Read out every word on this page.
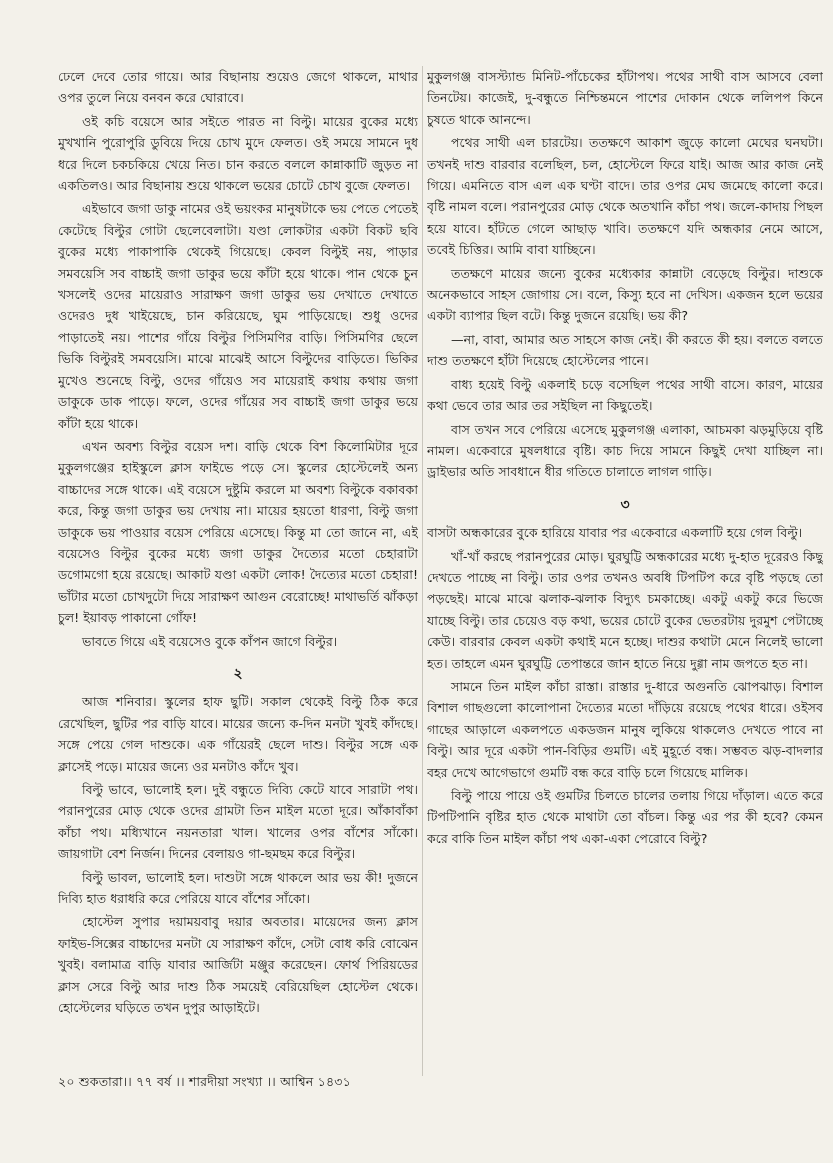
ঢেলে দেবে তোর গায়ে। আর বিছানায় শুয়েও জেগে থাকলে, মাথার ওপর তুলে নিয়ে বনবন করে ঘোরাবে।

ওই কচি বয়েসে আর সইতে পারত না বিল্টু। মায়ের বুকের মধ্যে মুখখানি পুরোপুরি ডুবিয়ে দিয়ে চোখ মুদে ফেলত। ওই সময়ে সামনে দুধ ধরে দিলে চকচকিয়ে খেয়ে নিত। চান করতে বললে কান্নাকাটি জুড়ত না একতিলও। আর বিছানায় শুয়ে থাকলে ভয়ের চোটে চোখ বুজে ফেলত।

এইভাবে জগা ডাকু নামের ওই ভয়ংকর মানুষটাকে ভয় পেতে পেতেই কেটেছে বিল্টুর গোটা ছেলেবেলাটা। যণ্ডা লোকটার একটা বিকট ছবি বুকের মধ্যে পাকাপাকি থেকেই গিয়েছে। কেবল বিল্টুই নয়, পাড়ার সমবয়েসি সব বাচ্চাই জগা ডাকুর ভয়ে কাঁটা হয়ে থাকে। পান থেকে চুন খসলেই ওদের মায়েরাও সারাক্ষণ জগা ডাকুর ভয় দেখাতে দেখাতে ওদেরও দুধ খাইয়েছে, চান করিয়েছে, ঘুম পাড়িয়েছে। শুধু ওদের পাড়াতেই নয়। পাশের গাঁয়ে বিল্টুর পিসিমণির বাড়ি। পিসিমণির ছেলে ভিকি বিল্টুরই সমবয়েসি। মাঝে মাঝেই আসে বিল্টুদের বাড়িতে। ভিকির মুখেও শুনেছে বিল্টু, ওদের গাঁয়েও সব মায়েরাই কথায় কথায় জগা ডাকুকে ডাক পাড়ে। ফলে, ওদের গাঁয়ের সব বাচ্চাই জগা ডাকুর ভয়ে কাঁটা হয়ে থাকে।

এখন অবশ্য বিল্টুর বয়েস দশ। বাড়ি থেকে বিশ কিলোমিটার দূরে মুকুলগঞ্জের হাইস্কুলে ক্লাস ফাইভে পড়ে সে। স্কুলের হোস্টেলেই অন্য বাচ্চাদের সঙ্গে থাকে। এই বয়েসে দুষ্টুমি করলে মা অবশ্য বিল্টুকে বকাবকা করে, কিন্তু জগা ডাকুর ভয় দেখায় না। মায়ের হয়তো ধারণা, বিল্টু জগা ডাকুকে ভয় পাওয়ার বয়েস পেরিয়ে এসেছে। কিন্তু মা তো জানে না, এই বয়েসেও বিল্টুর বুকের মধ্যে জগা ডাকুর দৈত্যের মতো চেহারাটা ডগোমগো হয়ে রয়েছে। আকাট যণ্ডা একটা লোক! দৈত্যের মতো চেহারা! ভাঁটার মতো চোখদুটো দিয়ে সারাক্ষণ আগুন বেরোচ্ছে! মাথাভর্তি ঝাঁকড়া চুল! ইয়াবড় পাকানো গোঁফ!

ভাবতে গিয়ে এই বয়েসেও বুকে কাঁপন জাগে বিল্টুর।

২

আজ শনিবার। স্কুলের হাফ ছুটি। সকাল থেকেই বিল্টু ঠিক করে রেখেছিল, ছুটির পর বাড়ি যাবে। মায়ের জন্যে ক-দিন মনটা খুবই কাঁদছে। সঙ্গে পেয়ে গেল দাশুকে। এক গাঁয়েরই ছেলে দাশু। বিল্টুর সঙ্গে এক ক্লাসেই পড়ে। মায়ের জন্যে ওর মনটাও কাঁদে খুব।

বিল্টু ভাবে, ভালোই হল। দুই বন্ধুতে দিব্যি কেটে যাবে সারাটা পথ। পরানপুরের মোড় থেকে ওদের গ্রামটা তিন মাইল মতো দূরে। আঁকাবাঁকা কাঁচা পথ। মধ্যিখানে নয়নতারা খাল। খালের ওপর বাঁশের সাঁকো। জায়গাটা বেশ নির্জন। দিনের বেলায়ও গা-ছমছম করে বিল্টুর।

বিল্টু ভাবল, ভালোই হল। দাশুটা সঙ্গে থাকলে আর ভয় কী! দুজনে দিব্যি হাত ধরাধরি করে পেরিয়ে যাবে বাঁশের সাঁকো।

হোস্টেল সুপার দয়াময়বাবু দয়ার অবতার। মায়েদের জন্য ক্লাস ফাইভ-সিক্সের বাচ্চাদের মনটা যে সারাক্ষণ কাঁদে, সেটা বোধ করি বোঝেন খুবই। বলামাত্র বাড়ি যাবার আর্জিটা মঞ্জুর করেছেন। ফোর্থ পিরিয়ডের ক্লাস সেরে বিল্টু আর দাশু ঠিক সময়েই বেরিয়েছিল হোস্টেল থেকে। হোস্টেলের ঘড়িতে তখন দুপুর আড়াইটে।

মুকুলগঞ্জ বাসস্ট্যান্ড মিনিট-পাঁচেকের হাঁটাপথ। পথের সাথী বাস আসবে বেলা তিনটেয়। কাজেই, দু-বন্ধুতে নিশ্চিন্তমনে পাশের দোকান থেকে ললিপপ কিনে চুষতে থাকে আনন্দে।

পথের সাথী এল চারটেয়। ততক্ষণে আকাশ জুড়ে কালো মেঘের ঘনঘটা। তখনই দাশু বারবার বলেছিল, চল, হোস্টেলে ফিরে যাই। আজ আর কাজ নেই গিয়ে। এমনিতে বাস এল এক ঘণ্টা বাদে। তার ওপর মেঘ জমেছে কালো করে। বৃষ্টি নামল বলে। পরানপুরের মোড় থেকে অতখানি কাঁচা পথ। জলে-কাদায় পিছল হয়ে যাবে। হাঁটতে গেলে আছাড় খাবি। ততক্ষণে যদি অন্ধকার নেমে আসে, তবেই চিত্তির। আমি বাবা যাচ্ছিনে।

ততক্ষণে মায়ের জন্যে বুকের মধ্যেকার কান্নাটা বেড়েছে বিল্টুর। দাশুকে অনেকভাবে সাহস জোগায় সে। বলে, কিস্যু হবে না দেখিস। একজন হলে ভয়ের একটা ব্যাপার ছিল বটে। কিন্তু দুজনে রয়েছি। ভয় কী?

—না, বাবা, আমার অত সাহসে কাজ নেই। কী করতে কী হয়। বলতে বলতে দাশু ততক্ষণে হাঁটা দিয়েছে হোস্টেলের পানে।

বাধ্য হয়েই বিল্টু একলাই চড়ে বসেছিল পথের সাথী বাসে। কারণ, মায়ের কথা ভেবে তার আর তর সইছিল না কিছুতেই।

বাস তখন সবে পেরিয়ে এসেছে মুকুলগঞ্জ এলাকা, আচমকা ঝড়মুড়িয়ে বৃষ্টি নামল। একেবারে মুষলধারে বৃষ্টি। কাচ দিয়ে সামনে কিছুই দেখা যাচ্ছিল না। ড্রাইভার অতি সাবধানে ধীর গতিতে চালাতে লাগল গাড়ি।

৩

বাসটা অন্ধকারের বুকে হারিয়ে যাবার পর একেবারে একলাটি হয়ে গেল বিল্টু।

খাঁ-খাঁ করছে পরানপুরের মোড়। ঘুরঘুট্টি অন্ধকারের মধ্যে দু-হাত দূরেরও কিছু দেখতে পাচ্ছে না বিল্টু। তার ওপর তখনও অবধি টিপটিপ করে বৃষ্টি পড়ছে তো পড়ছেই। মাঝে মাঝে ঝলাক-ঝলাক বিদ্যুৎ চমকাচ্ছে। একটু একটু করে ভিজে যাচ্ছে বিল্টু। তার চেয়েও বড় কথা, ভয়ের চোটে বুকের ভেতরটায় দুরমুশ পেটাচ্ছে কেউ। বারবার কেবল একটা কথাই মনে হচ্ছে। দাশুর কথাটা মেনে নিলেই ভালো হত। তাহলে এমন ঘুরঘুট্টি তেপান্তরে জান হাতে নিয়ে দুগ্গা নাম জপতে হত না।

সামনে তিন মাইল কাঁচা রাস্তা। রাস্তার দু-ধারে অগুনতি ঝোপঝাড়। বিশাল বিশাল গাছগুলো কালোপানা দৈত্যের মতো দাঁড়িয়ে রয়েছে পথের ধারে। ওইসব গাছের আড়ালে একলপতে একডজন মানুষ লুকিয়ে থাকলেও দেখতে পাবে না বিল্টু। আর দূরে একটা পান-বিড়ির গুমটি। এই মুহূর্তে বন্ধ। সম্ভবত ঝড়-বাদলার বহর দেখে আগেভাগে গুমটি বন্ধ করে বাড়ি চলে গিয়েছে মালিক।

বিল্টু পায়ে পায়ে ওই গুমটির চিলতে চালের তলায় গিয়ে দাঁড়াল। এতে করে টিপটিপানি বৃষ্টির হাত থেকে মাথাটা তো বাঁচল। কিন্তু এর পর কী হবে? কেমন করে বাকি তিন মাইল কাঁচা পথ একা-একা পেরোবে বিল্টু?

২০ শুকতারা।। ৭৭ বর্ষ ।। শারদীয়া সংখ্যা ।। আশ্বিন ১৪৩১
